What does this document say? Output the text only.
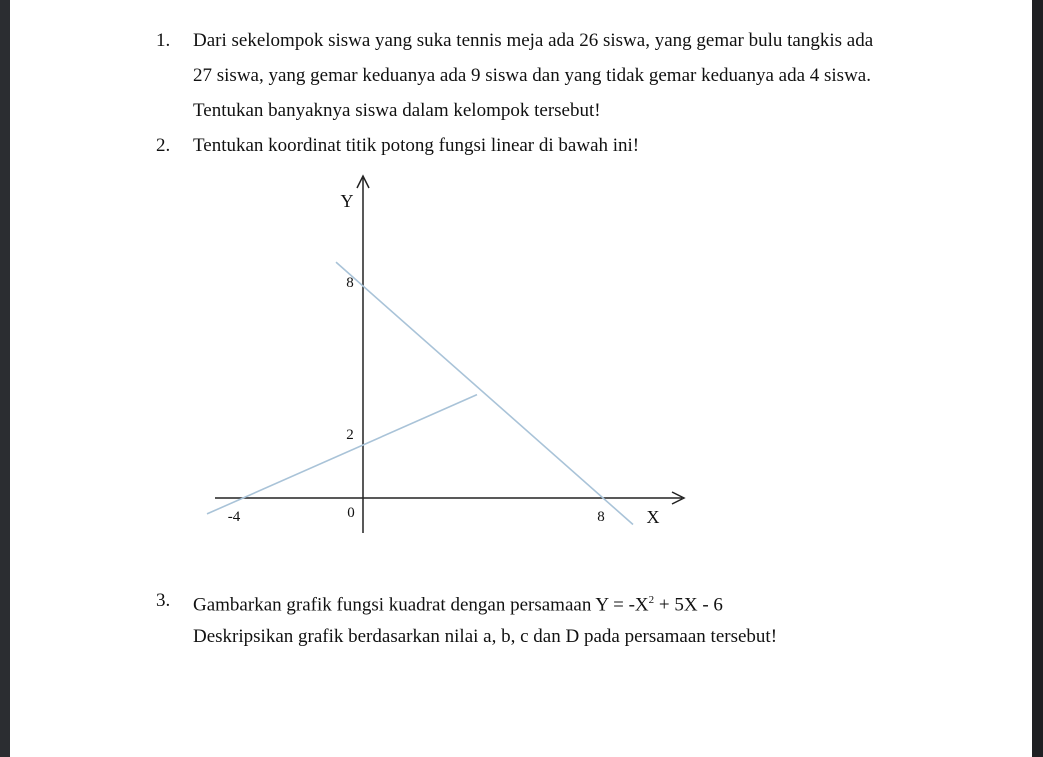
1.	Dari sekelompok siswa yang suka tennis meja ada 26 siswa, yang gemar bulu tangkis ada
27 siswa, yang gemar keduanya ada 9 siswa dan yang tidak gemar keduanya ada 4 siswa.
Tentukan banyaknya siswa dalam kelompok tersebut!
2.	Tentukan koordinat titik potong fungsi linear di bawah ini!
-4	0	8
2
8
X
Y
3.	Gambarkan grafik fungsi kuadrat dengan persamaan $Y = -X^2 + 5X - 6$
Deskripsikan grafik berdasarkan nilai a, b, c dan D pada persamaan tersebut!
